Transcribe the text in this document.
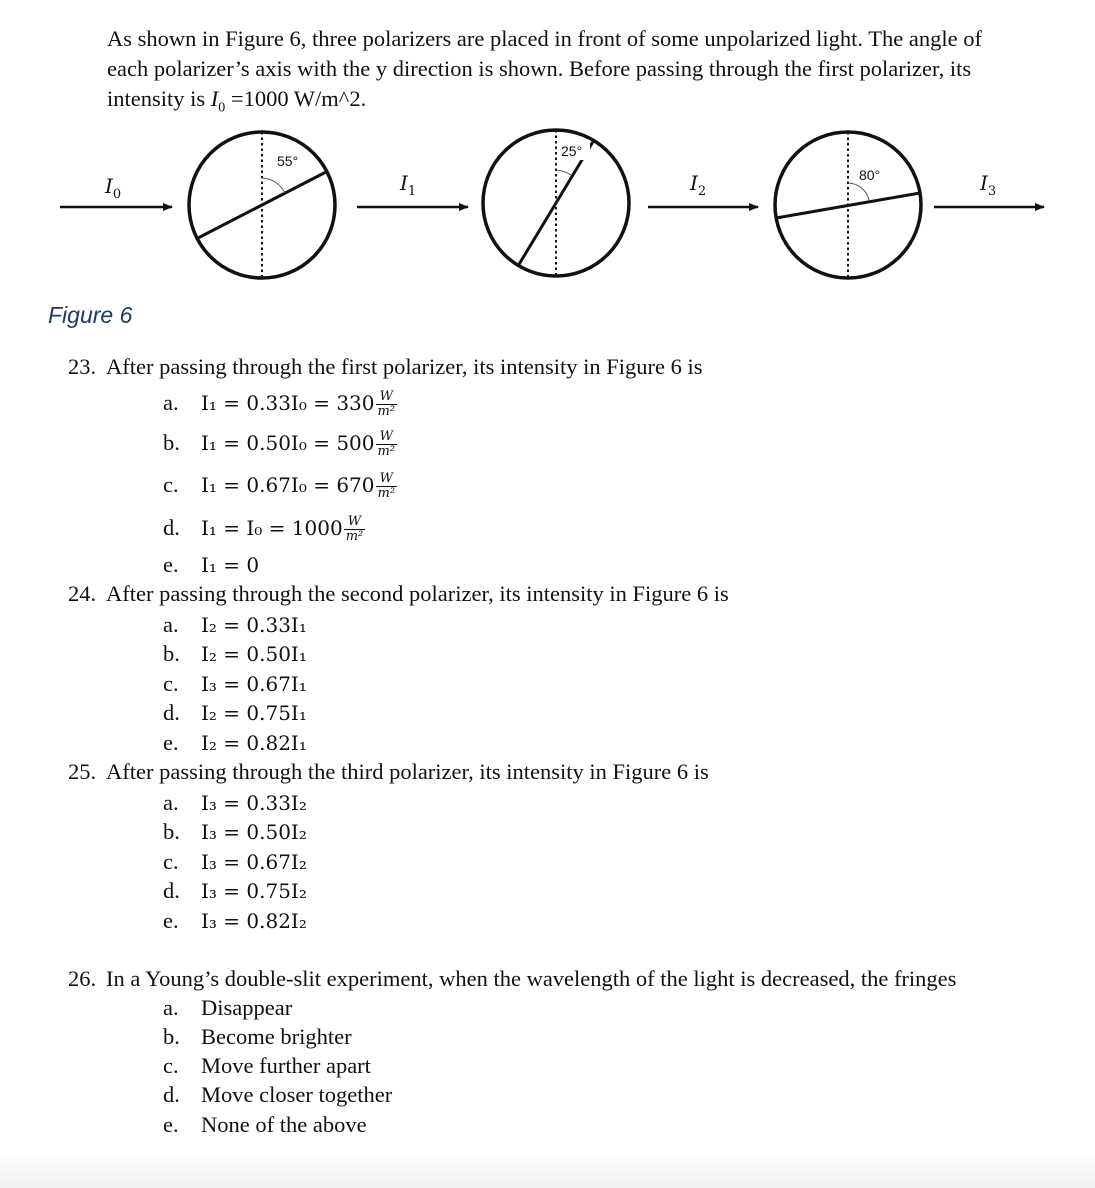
As shown in Figure 6, three polarizers are placed in front of some unpolarized light. The angle of

each polarizer’s axis with the y direction is shown. Before passing through the first polarizer, its

intensity is $I_0 =1000$ W/m^2.

$I_0$	$I_1$	$I_2$	$I_3$
55°
25°
80°
Figure 6
23. After passing through the first polarizer, its intensity in Figure 6 is
a. $I_1 = 0.33I_0 = 330 \frac{W}{\text{m²}}$
b. $I_1 = 0.50I_0 = 500 \frac{W}{\text{m²}}$
c. $I_1 = 0.67I_0 = 670 \frac{W}{\text{m²}}$
d. $I_1 = I_0 = 1000 \frac{W}{\text{m²}}$
e. I₁ = 0
24. After passing through the second polarizer, its intensity in Figure 6 is
a. I₂ = 0.33I₁
b. I₂ = 0.50I₁
c. I₃ = 0.67I₁
d. I₂ = 0.75I₁
e. I₂ = 0.82I₁
25. After passing through the third polarizer, its intensity in Figure 6 is
a. I₃ = 0.33I₂
b. I₃ = 0.50I₂
c. I₃ = 0.67I₂
d. I₃ = 0.75I₂
e. I₃ = 0.82I₂
26. In a Young’s double-slit experiment, when the wavelength of the light is decreased, the fringes
a. Disappear
b. Become brighter
c. Move further apart
d. Move closer together
e. None of the above
